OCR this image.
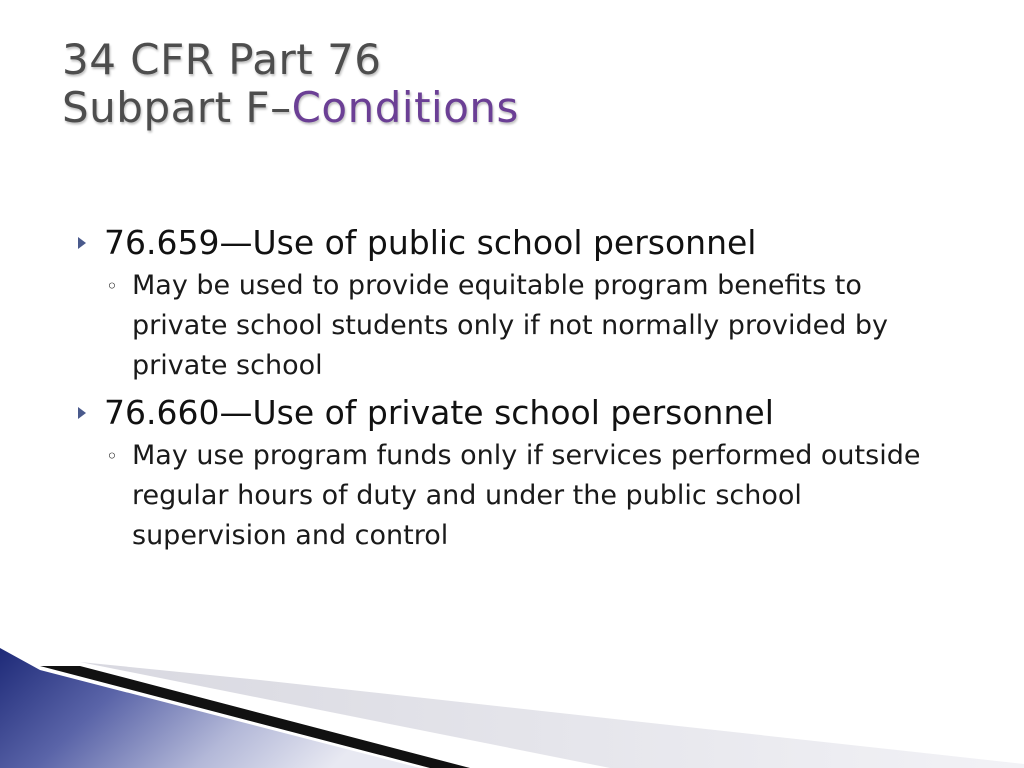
34 CFR Part 76
Subpart F–Conditions
76.659—Use of public school personnel
◦ May be used to provide equitable program benefits to private school students only if not normally provided by private school
76.660—Use of private school personnel
◦ May use program funds only if services performed outside regular hours of duty and under the public school supervision and control
